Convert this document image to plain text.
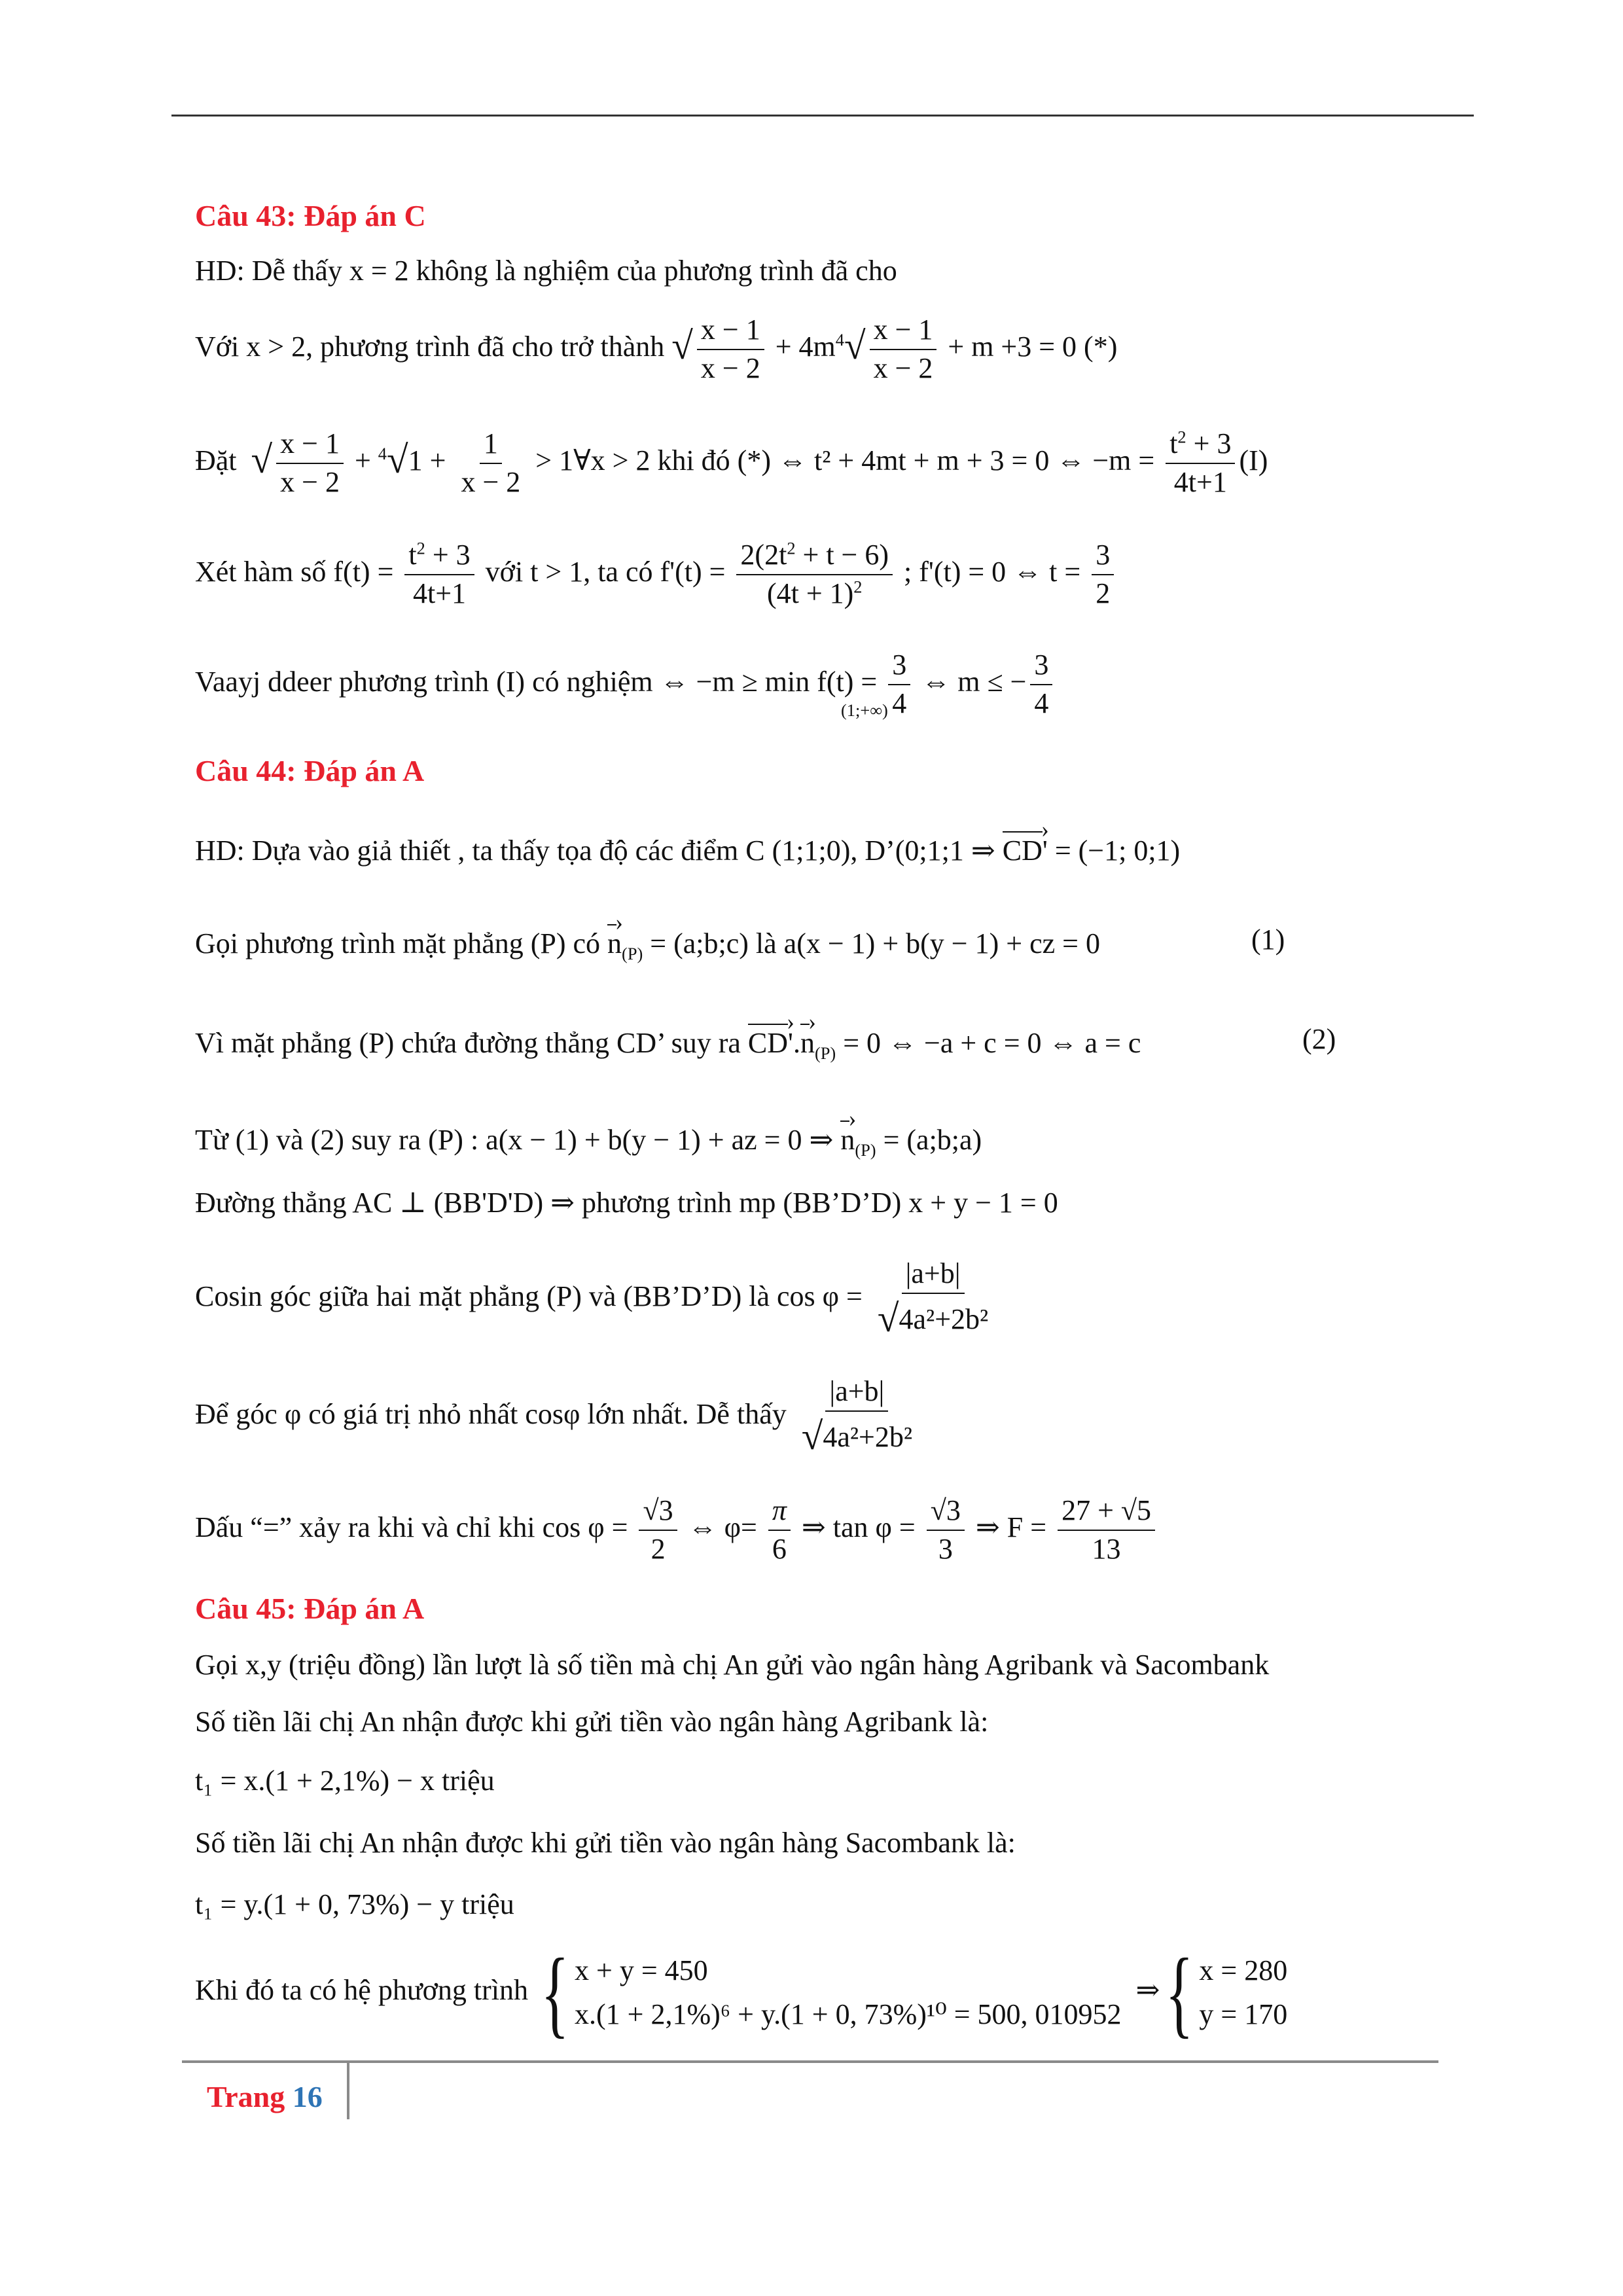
Câu 43: Đáp án C
HD: Dễ thấy x = 2 không là nghiệm của phương trình đã cho
Với x > 2, phương trình đã cho trở thành √ $\frac{x - 1}{x - 2} + 4m^4√ \frac{x - 1}{x - 2} + m +3 = 0$ (*)
Đặt √ $\frac{x - 1}{x - 2} + ^4√1 + \frac{1}{x - 2}$ > 1∀x > 2 khi đó (*) ⇔ t² + 4mt + m + 3 = 0 ⇔ $-m = \frac{t^2 + 3}{4t+1} (I)$
Xét hàm số $f(t) = \frac{t^2 + 3}{4t+1}$ với t > 1, ta có $f'(t) = \frac{2(2t^2 + t - 6)}{(4t + 1)^2}$ ; f'(t) = 0 ⇔ $t = \frac{3}{2}$
Vaayj ddeer phương trình (I) có nghiệm ⇔ $-m \ge \min f(t) = \frac{3}{4}$ ⇔ m ≤ − $\frac{3}{4}$
(1;+∞)
Câu 44: Đáp án A
HD: Dựa vào giả thiết , ta thấy tọa độ các điểm C (1;1;0), D’(0;1;1 ⇒ CD' › = (−1; 0;1)
Gọi phương trình mặt phẳng (P) có n $›_{(P)}$ = (a;b;c) là a(x − 1) + b(y − 1) + cz = 0	(1)
Vì mặt phẳng (P) chứa đường thẳng CD’ suy ra CD' ›.n $›_{(P)} = 0$ ⇔ −a + c = 0 ⇔ a = c	(2)
Từ (1) và (2) suy ra (P) : a(x − 1) + b(y − 1) + az = 0 ⇒ n $›_{(P)}$ = (a;b;a)
Đường thẳng AC ⊥ (BB'D'D) ⇒ phương trình mp (BB’D’D) x + y − 1 = 0
Cosin góc giữa hai mặt phẳng (P) và (BB’D’D) là $\cos \varphi = \frac{|a+b|}{\text{√4a²+2b²}}$
Để góc φ có giá trị nhỏ nhất cosφ lớn nhất. Dễ thấy $\frac{|a+b|}{\text{√4a²+2b²}}$
Dấu “=” xảy ra khi và chỉ khi $\cos \varphi = \frac{√3}{2}$ ⇔ $\varphi= \frac{\pi}{6}$ ⇒ $\tan \varphi = \frac{√3}{3}$ ⇒ $F = \frac{27 + √5}{13}$
Câu 45: Đáp án A
Gọi x,y (triệu đồng) lần lượt là số tiền mà chị An gửi vào ngân hàng Agribank và Sacombank
Số tiền lãi chị An nhận được khi gửi tiền vào ngân hàng Agribank là:
t₁ = x.(1 + 2,1%) − x triệu
Số tiền lãi chị An nhận được khi gửi tiền vào ngân hàng Sacombank là:
t₁ = y.(1 + 0, 73%) − y triệu
Khi đó ta có hệ phương trình { x + y = 450
x.(1 + 2,1%)⁶ + y.(1 + 0, 73%)¹⁰ = 500, 010952
⇒{ x = 280
y = 170
Trang 16
